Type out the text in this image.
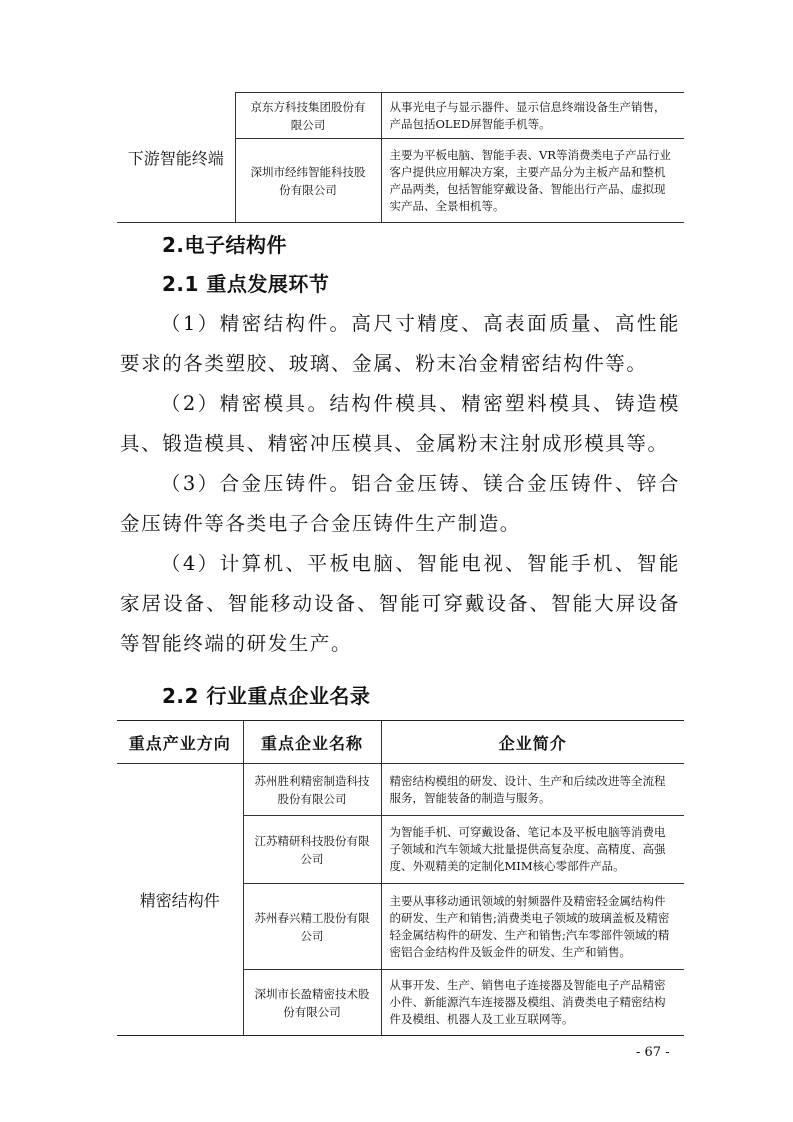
下游智能终端	京东方科技集团股份有限公司	从事光电子与显示器件、显示信息终端设备生产销售，产品包括OLED屏智能手机等。
	深圳市经纬智能科技股份有限公司	主要为平板电脑、智能手表、VR等消费类电子产品行业客户提供应用解决方案，主要产品分为主板产品和整机产品两类，包括智能穿戴设备、智能出行产品、虚拟现实产品、全景相机等。
2.电子结构件
2.1 重点发展环节
（1）精密结构件。高尺寸精度、高表面质量、高性能要求的各类塑胶、玻璃、金属、粉末冶金精密结构件等。
（2）精密模具。结构件模具、精密塑料模具、铸造模具、锻造模具、精密冲压模具、金属粉末注射成形模具等。
（3）合金压铸件。铝合金压铸、镁合金压铸件、锌合金压铸件等各类电子合金压铸件生产制造。
（4）计算机、平板电脑、智能电视、智能手机、智能家居设备、智能移动设备、智能可穿戴设备、智能大屏设备等智能终端的研发生产。
2.2 行业重点企业名录
重点产业方向	重点企业名称	企业简介
精密结构件	苏州胜利精密制造科技股份有限公司	精密结构模组的研发、设计、生产和后续改进等全流程服务，智能装备的制造与服务。
	江苏精研科技股份有限公司	为智能手机、可穿戴设备、笔记本及平板电脑等消费电子领域和汽车领域大批量提供高复杂度、高精度、高强度、外观精美的定制化MIM核心零部件产品。
	苏州春兴精工股份有限公司	主要从事移动通讯领域的射频器件及精密轻金属结构件的研发、生产和销售;消费类电子领域的玻璃盖板及精密轻金属结构件的研发、生产和销售;汽车零部件领域的精密铝合金结构件及钣金件的研发、生产和销售。
	深圳市长盈精密技术股份有限公司	从事开发、生产、销售电子连接器及智能电子产品精密小件、新能源汽车连接器及模组、消费类电子精密结构件及模组、机器人及工业互联网等。
- 67 -
